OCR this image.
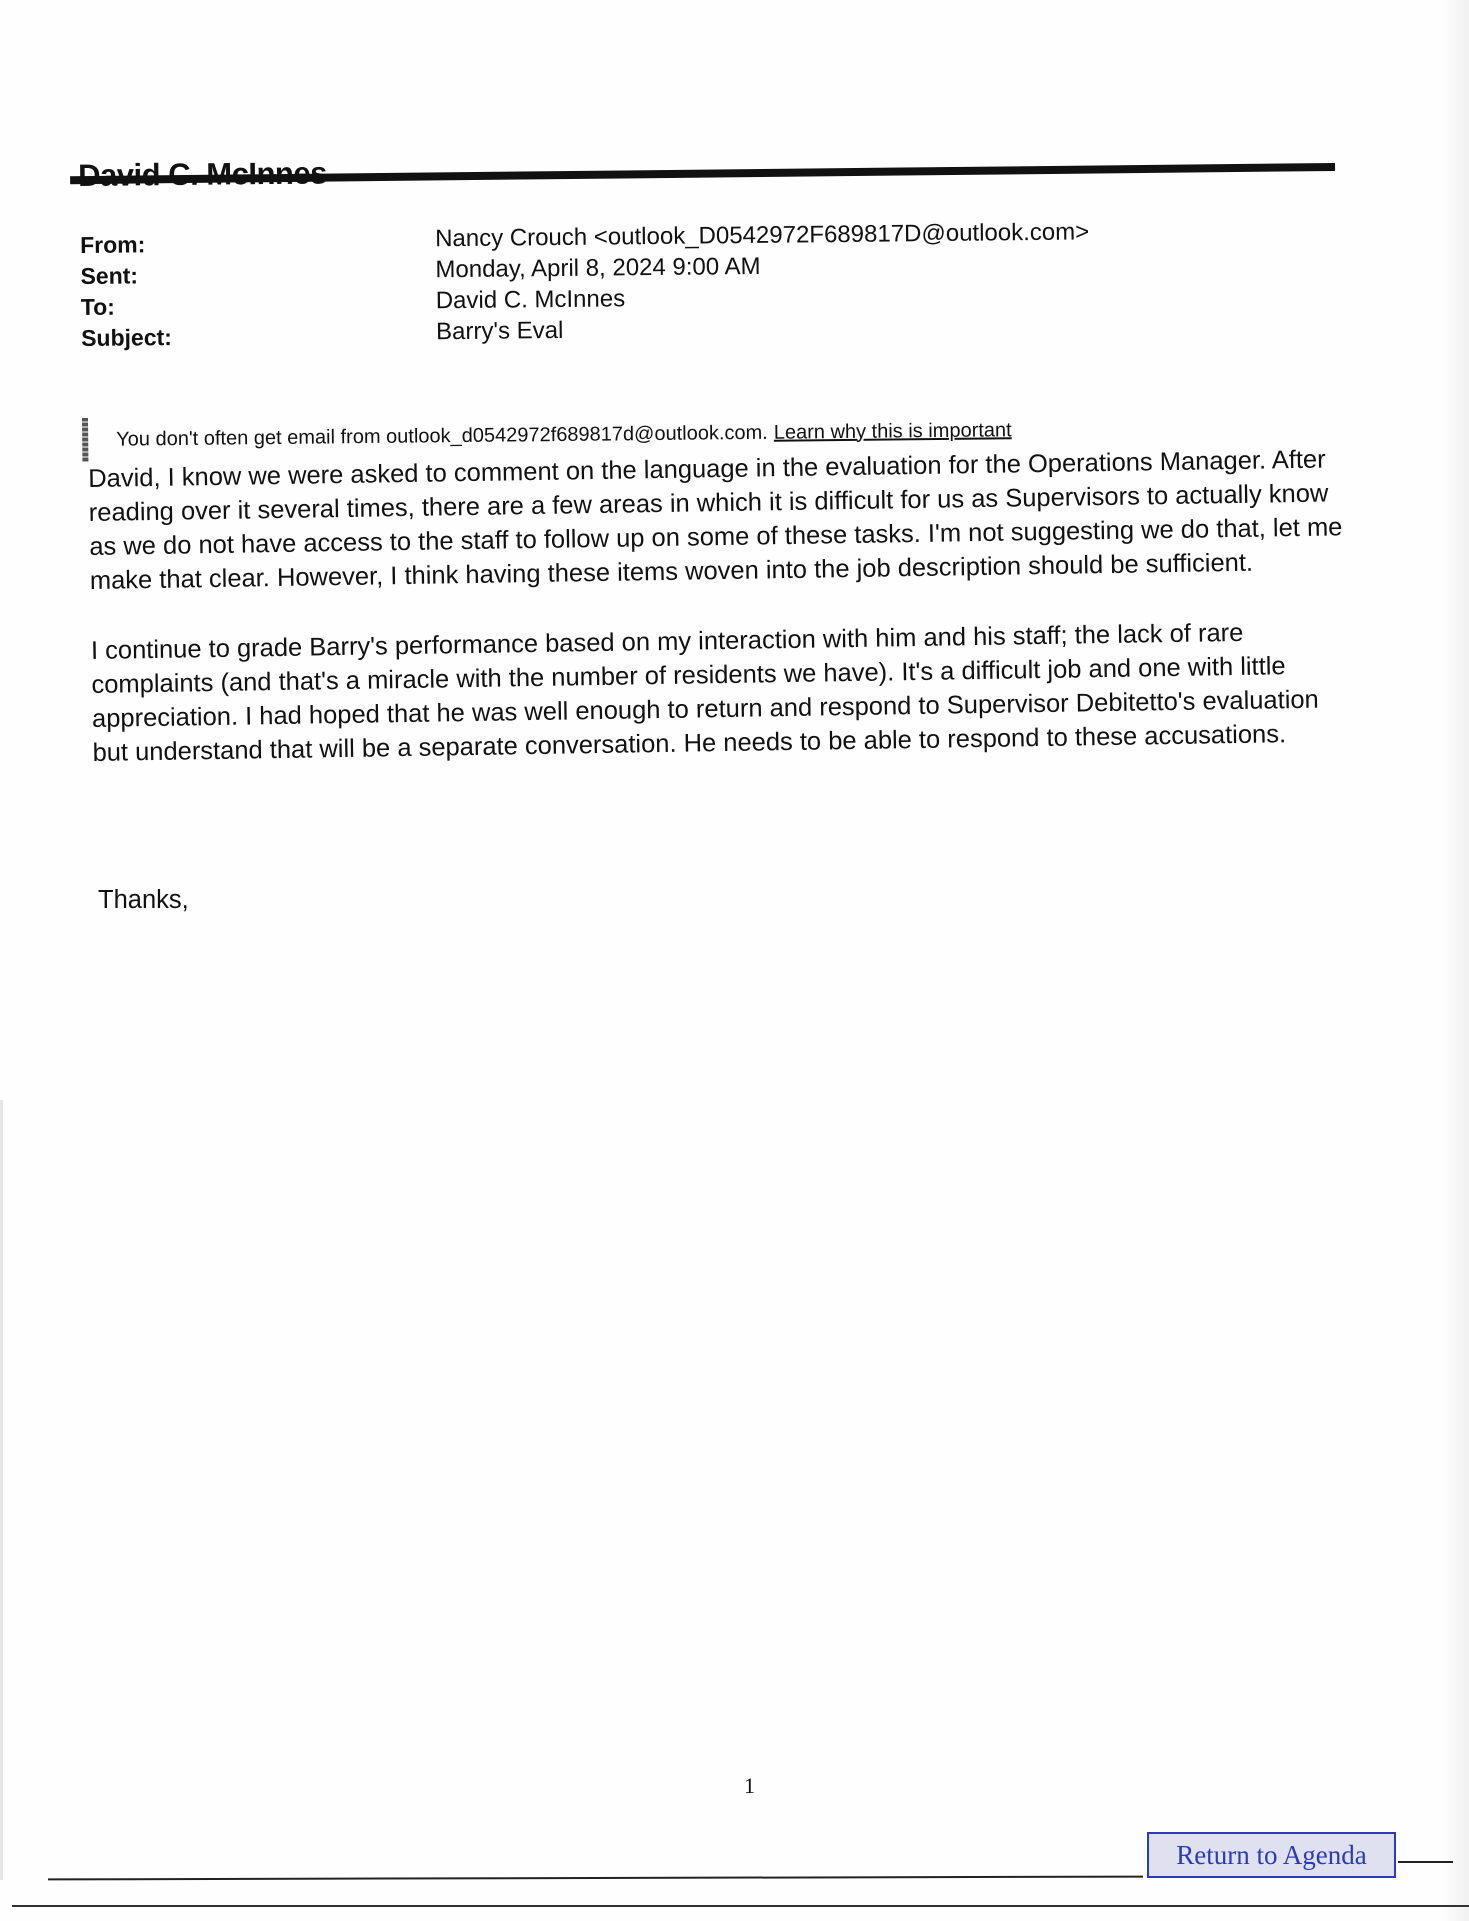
David C. McInnes
From:	Nancy Crouch <outlook_D0542972F689817D@outlook.com>
Sent:	Monday, April 8, 2024 9:00 AM
To:	David C. McInnes
Subject:	Barry's Eval
You don't often get email from outlook_d0542972f689817d@outlook.com. Learn why this is important

David, I know we were asked to comment on the language in the evaluation for the Operations Manager. After reading over it several times, there are a few areas in which it is difficult for us as Supervisors to actually know as we do not have access to the staff to follow up on some of these tasks. I'm not suggesting we do that, let me make that clear. However, I think having these items woven into the job description should be sufficient.

I continue to grade Barry's performance based on my interaction with him and his staff; the lack of rare complaints (and that's a miracle with the number of residents we have). It's a difficult job and one with little appreciation. I had hoped that he was well enough to return and respond to Supervisor Debitetto's evaluation but understand that will be a separate conversation. He needs to be able to respond to these accusations.

Thanks,
1
Return to Agenda
